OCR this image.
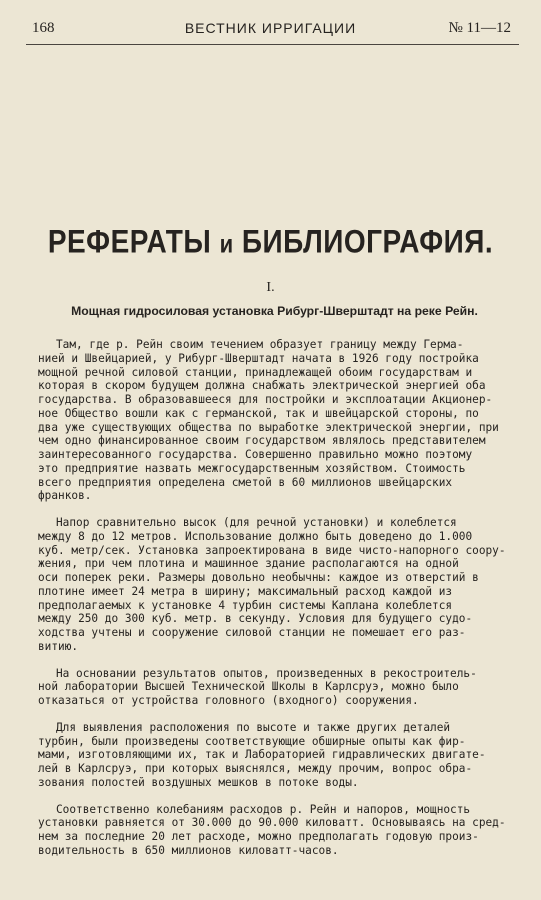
168	ВЕСТНИК ИРРИГАЦИИ	№ 11—12
РЕФЕРАТЫ и БИБЛИОГРАФИЯ.
I.
Мощная гидросиловая установка Рибург-Шверштадт на реке Рейн.
Там, где р. Рейн своим течением образует границу между Герма-
нией и Швейцарией, у Рибург-Шверштадт начата в 1926 году постройка
мощной речной силовой станции, принадлежащей обоим государствам и
которая в скором будущем должна снабжать электрической энергией оба
государства. В образовавшееся для постройки и эксплоатации Акционер-
ное Общество вошли как с германской, так и швейцарской стороны, по
два уже существующих общества по выработке электрической энергии, при
чем одно финансированное своим государством являлось представителем
заинтересованного государства. Совершенно правильно можно поэтому
это предприятие назвать межгосударственным хозяйством. Стоимость
всего предприятия определена сметой в 60 миллионов швейцарских
франков.
Напор сравнительно высок (для речной установки) и колеблется
между 8 до 12 метров. Использование должно быть доведено до 1.000
куб. метр/сек. Установка запроектирована в виде чисто-напорного соору-
жения, при чем плотина и машинное здание располагаются на одной
оси поперек реки. Размеры довольно необычны: каждое из отверстий в
плотине имеет 24 метра в ширину; максимальный расход каждой из
предполагаемых к установке 4 турбин системы Каплана колеблется
между 250 до 300 куб. метр. в секунду. Условия для будущего судо-
ходства учтены и сооружение силовой станции не помешает его раз-
витию.
На основании результатов опытов, произведенных в рекостроитель-
ной лаборатории Высшей Технической Школы в Карлсруэ, можно было
отказаться от устройства головного (входного) сооружения.
Для выявления расположения по высоте и также других деталей
турбин, были произведены соответствующие обширные опыты как фир-
мами, изготовляющими их, так и Лабораторией гидравлических двигате-
лей в Карлсруэ, при которых выяснялся, между прочим, вопрос обра-
зования полостей воздушных мешков в потоке воды.
Соответственно колебаниям расходов р. Рейн и напоров, мощность
установки равняется от 30.000 до 90.000 киловатт. Основываясь на сред-
нем за последние 20 лет расходе, можно предполагать годовую произ-
водительность в 650 миллионов киловатт-часов.
